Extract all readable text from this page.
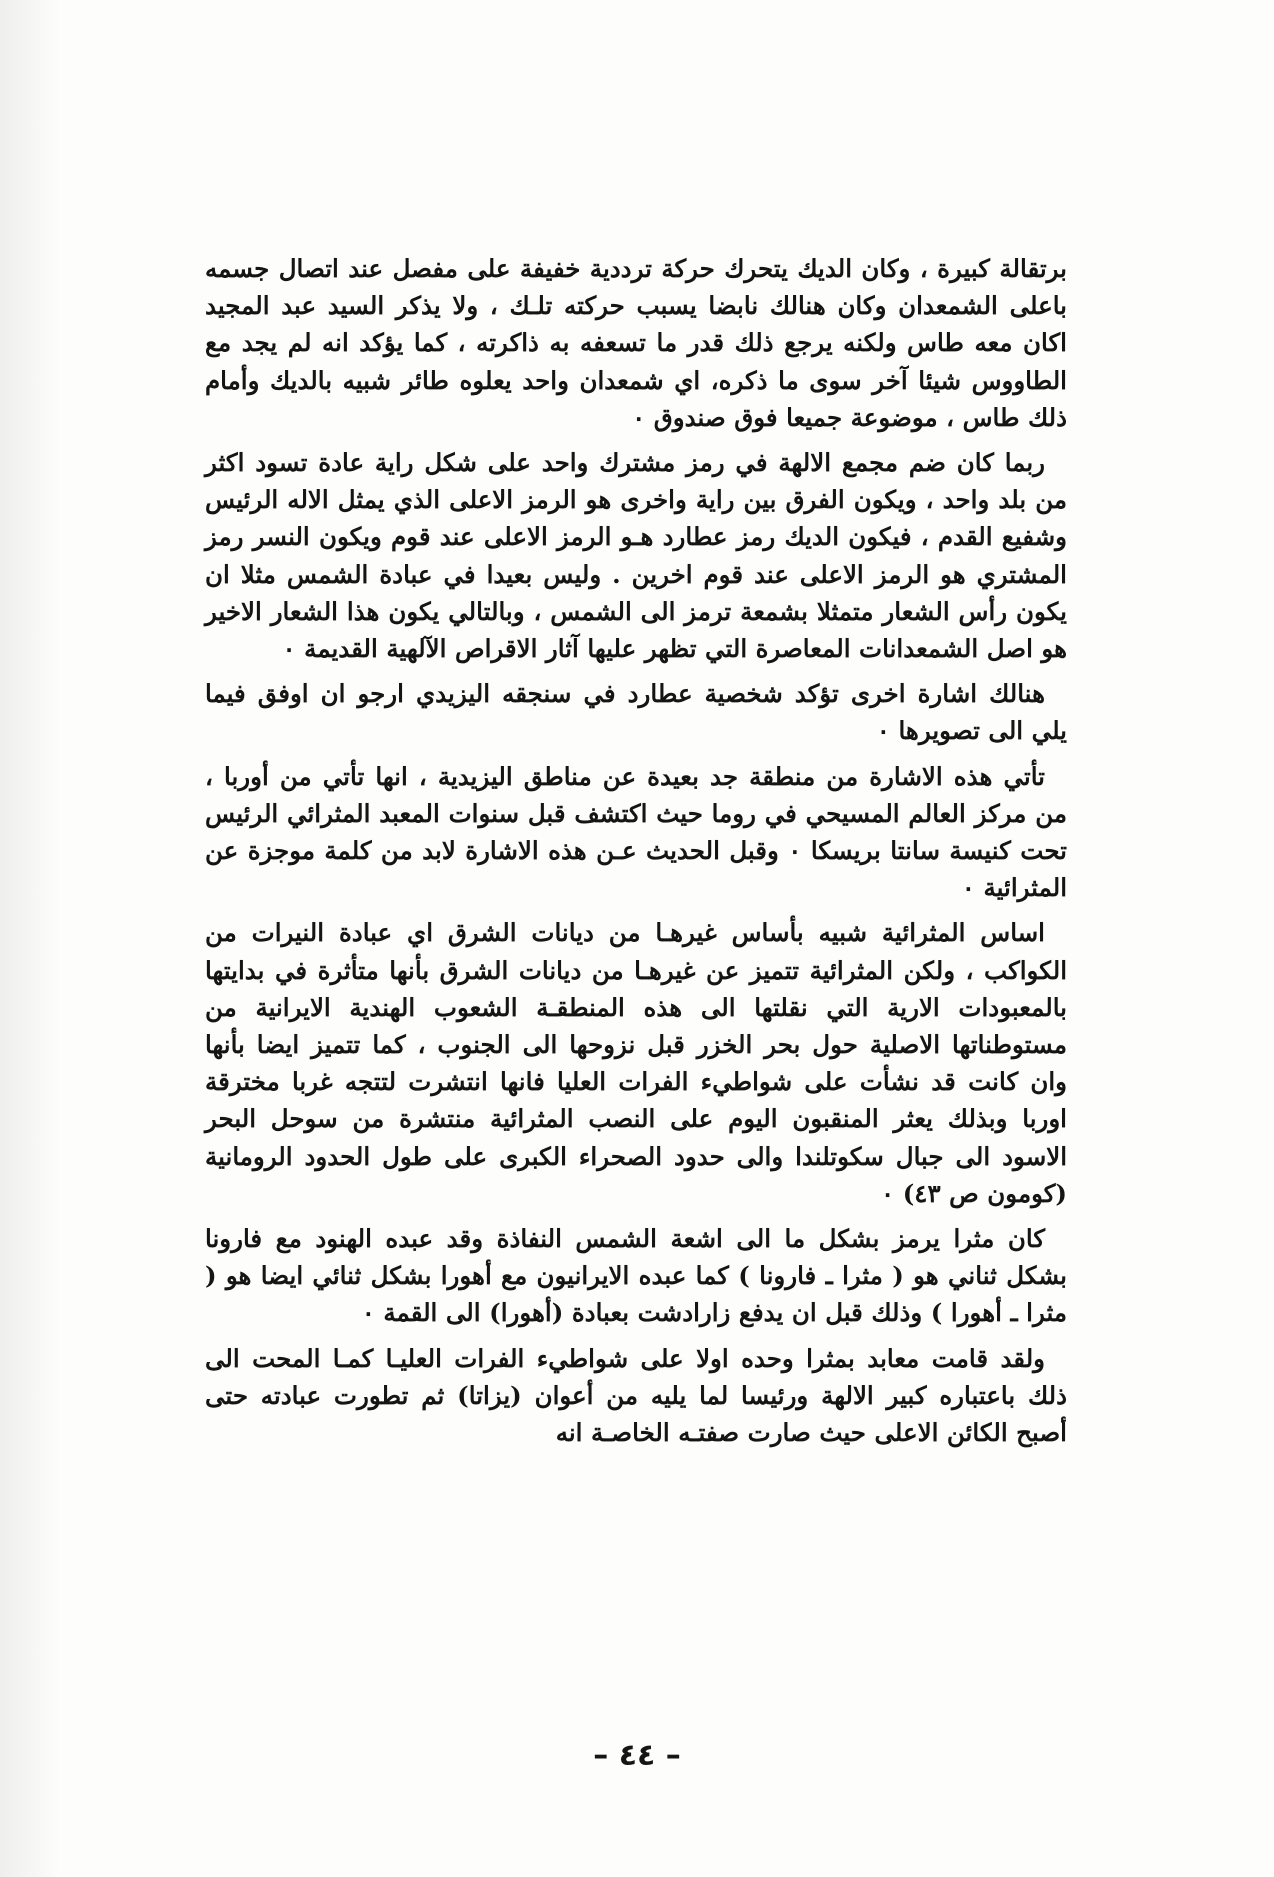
برتقالة كبيرة ، وكان الديك يتحرك حركة ترددية خفيفة على مفصل عند اتصال جسمه باعلى الشمعدان وكان هنالك نابضا يسبب حركته تلـك ، ولا يذكر السيد عبد المجيد اكان معه طاس ولكنه يرجع ذلك قدر ما تسعفه به ذاكرته ، كما يؤكد انه لم يجد مع الطاووس شيئا آخر سوى ما ذكره، اي شمعدان واحد يعلوه طائر شبيه بالديك وأمام ذلك طاس ، موضوعة جميعا فوق صندوق ٠

ربما كان ضم مجمع الالهة في رمز مشترك واحد على شكل راية عادة تسود اكثر من بلد واحد ، ويكون الفرق بين راية واخرى هو الرمز الاعلى الذي يمثل الاله الرئيس وشفيع القدم ، فيكون الديك رمز عطارد هـو الرمز الاعلى عند قوم ويكون النسر رمز المشتري هو الرمز الاعلى عند قوم اخرين . وليس بعيدا في عبادة الشمس مثلا ان يكون رأس الشعار متمثلا بشمعة ترمز الى الشمس ، وبالتالي يكون هذا الشعار الاخير هو اصل الشمعدانات المعاصرة التي تظهر عليها آثار الاقراص الآلهية القديمة ٠

هنالك اشارة اخرى تؤكد شخصية عطارد في سنجقه اليزيدي ارجو ان اوفق فيما يلي الى تصويرها ٠

تأتي هذه الاشارة من منطقة جد بعيدة عن مناطق اليزيدية ، انها تأتي من أوربا ، من مركز العالم المسيحي في روما حيث اكتشف قبل سنوات المعبد المثرائي الرئيس تحت كنيسة سانتا بريسكا ٠ وقبل الحديث عـن هذه الاشارة لابد من كلمة موجزة عن المثرائية ٠

اساس المثرائية شبيه بأساس غيرهـا من ديانات الشرق اي عبادة النيرات من الكواكب ، ولكن المثرائية تتميز عن غيرهـا من ديانات الشرق بأنها متأثرة في بدايتها بالمعبودات الارية التي نقلتها الى هذه المنطقـة الشعوب الهندية الايرانية من مستوطناتها الاصلية حول بحر الخزر قبل نزوحها الى الجنوب ، كما تتميز ايضا بأنها وان كانت قد نشأت على شواطيء الفرات العليا فانها انتشرت لتتجه غربا مخترقة اوربا وبذلك يعثر المنقبون اليوم على النصب المثرائية منتشرة من سوحل البحر الاسود الى جبال سكوتلندا والى حدود الصحراء الكبرى على طول الحدود الرومانية (كومون ص ٤٣) ٠

كان مثرا يرمز بشكل ما الى اشعة الشمس النفاذة وقد عبده الهنود مع فارونا بشكل ثناني هو ( مثرا ـ فارونا ) كما عبده الايرانيون مع أهورا بشكل ثنائي ايضا هو ( مثرا ـ أهورا ) وذلك قبل ان يدفع زارادشت بعبادة (أهورا) الى القمة ٠

ولقد قامت معابد بمثرا وحده اولا على شواطيء الفرات العليـا كمـا المحت الى ذلك باعتباره كبير الالهة ورئيسا لما يليه من أعوان (يزاتا) ثم تطورت عبادته حتى أصبح الكائن الاعلى حيث صارت صفتـه الخاصـة انه

– ٤٤ –
